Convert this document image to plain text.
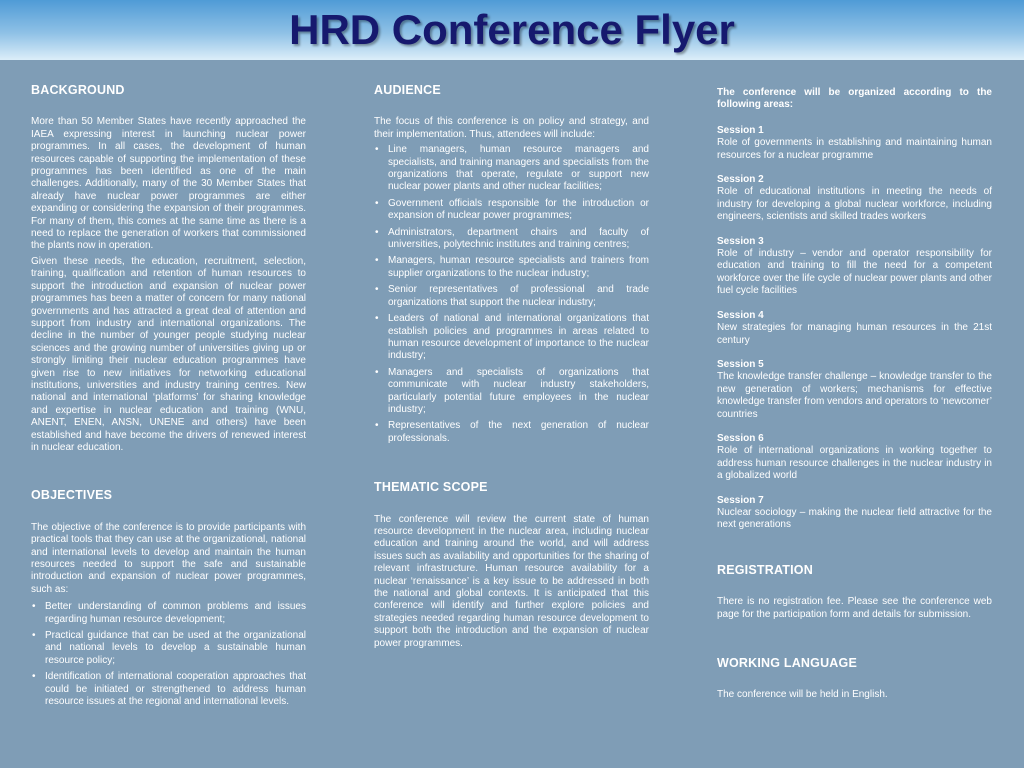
HRD Conference Flyer
BACKGROUND

More than 50 Member States have recently approached the IAEA expressing interest in launching nuclear power programmes. In all cases, the development of human resources capable of supporting the implementation of these programmes has been identified as one of the main challenges. Additionally, many of the 30 Member States that already have nuclear power programmes are either expanding or considering the expansion of their programmes. For many of them, this comes at the same time as there is a need to replace the generation of workers that commissioned the plants now in operation.

Given these needs, the education, recruitment, selection, training, qualification and retention of human resources to support the introduction and expansion of nuclear power programmes has been a matter of concern for many national governments and has attracted a great deal of attention and support from industry and international organizations. The decline in the number of younger people studying nuclear sciences and the growing number of universities giving up or strongly limiting their nuclear education programmes have given rise to new initiatives for networking educational institutions, universities and industry training centres. New national and international ‘platforms’ for sharing knowledge and expertise in nuclear education and training (WNU, ANENT, ENEN, ANSN, UNENE and others) have been established and have become the drivers of renewed interest in nuclear education.

OBJECTIVES

The objective of the conference is to provide participants with practical tools that they can use at the organizational, national and international levels to develop and maintain the human resources needed to support the safe and sustainable introduction and expansion of nuclear power programmes, such as:

• Better understanding of common problems and issues regarding human resource development;
• Practical guidance that can be used at the organizational and national levels to develop a sustainable human resource policy;
• Identification of international cooperation approaches that could be initiated or strengthened to address human resource issues at the regional and international levels.
AUDIENCE

The focus of this conference is on policy and strategy, and their implementation. Thus, attendees will include:

• Line managers, human resource managers and specialists, and training managers and specialists from the organizations that operate, regulate or support new nuclear power plants and other nuclear facilities;
• Government officials responsible for the introduction or expansion of nuclear power programmes;
• Administrators, department chairs and faculty of universities, polytechnic institutes and training centres;
• Managers, human resource specialists and trainers from supplier organizations to the nuclear industry;
• Senior representatives of professional and trade organizations that support the nuclear industry;
• Leaders of national and international organizations that establish policies and programmes in areas related to human resource development of importance to the nuclear industry;
• Managers and specialists of organizations that communicate with nuclear industry stakeholders, particularly potential future employees in the nuclear industry;
• Representatives of the next generation of nuclear professionals.
THEMATIC SCOPE

The conference will review the current state of human resource development in the nuclear area, including nuclear education and training around the world, and will address issues such as availability and opportunities for the sharing of relevant infrastructure. Human resource availability for a nuclear ‘renaissance’ is a key issue to be addressed in both the national and global contexts. It is anticipated that this conference will identify and further explore policies and strategies needed regarding human resource development to support both the introduction and the expansion of nuclear power programmes.

The conference will be organized according to the following areas:

Session 1

Role of governments in establishing and maintaining human resources for a nuclear programme

Session 2

Role of educational institutions in meeting the needs of industry for developing a global nuclear workforce, including engineers, scientists and skilled trades workers

Session 3

Role of industry – vendor and operator responsibility for education and training to fill the need for a competent workforce over the life cycle of nuclear power plants and other fuel cycle facilities

Session 4

New strategies for managing human resources in the 21st century

Session 5

The knowledge transfer challenge – knowledge transfer to the new generation of workers; mechanisms for effective knowledge transfer from vendors and operators to ‘newcomer’ countries

Session 6

Role of international organizations in working together to address human resource challenges in the nuclear industry in a globalized world

Session 7

Nuclear sociology – making the nuclear field attractive for the next generations

REGISTRATION

There is no registration fee. Please see the conference web page for the participation form and details for submission.

WORKING LANGUAGE

The conference will be held in English.
